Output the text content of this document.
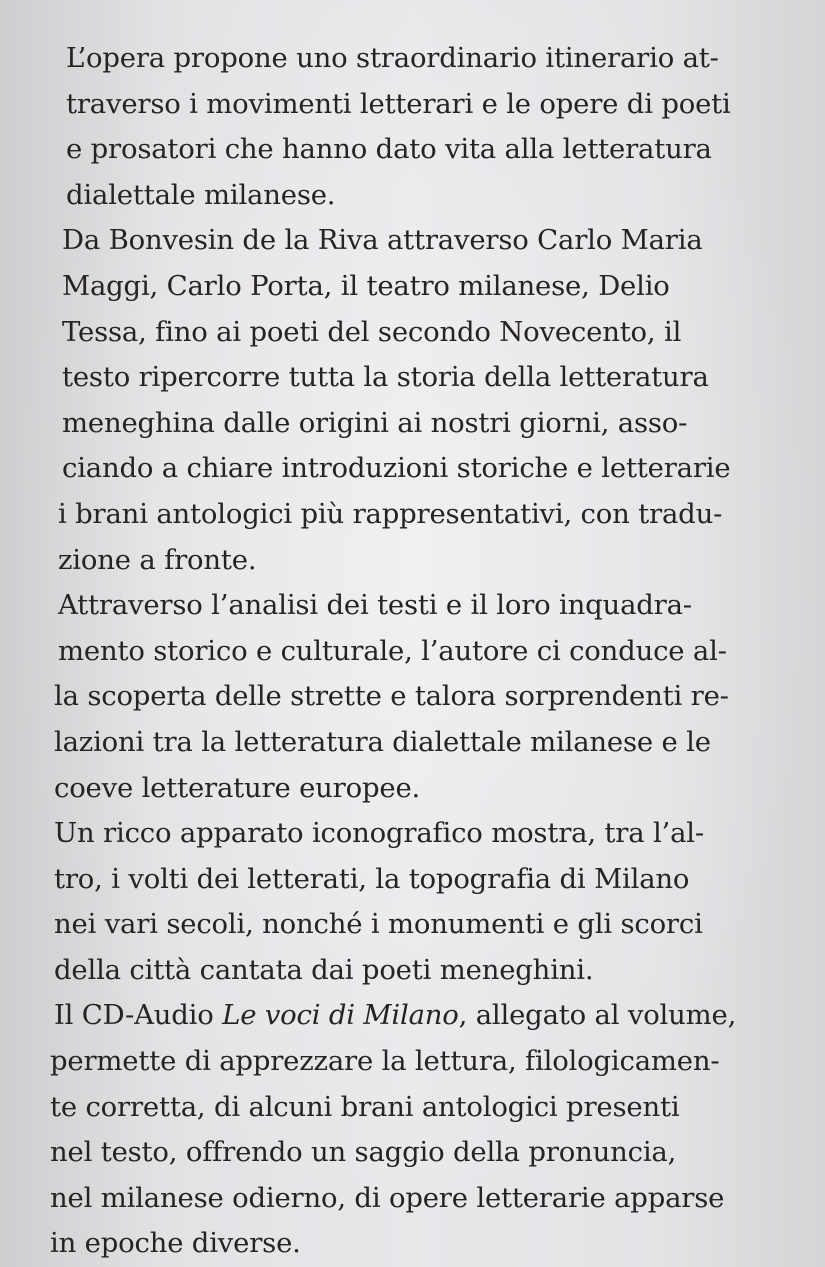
L’opera propone uno straordinario itinerario at-
traverso i movimenti letterari e le opere di poeti
e prosatori che hanno dato vita alla letteratura
dialettale milanese.
Da Bonvesin de la Riva attraverso Carlo Maria
Maggi, Carlo Porta, il teatro milanese, Delio
Tessa, fino ai poeti del secondo Novecento, il
testo ripercorre tutta la storia della letteratura
meneghina dalle origini ai nostri giorni, asso-
ciando a chiare introduzioni storiche e letterarie
i brani antologici più rappresentativi, con tradu-
zione a fronte.
Attraverso l’analisi dei testi e il loro inquadra-
mento storico e culturale, l’autore ci conduce al-
la scoperta delle strette e talora sorprendenti re-
lazioni tra la letteratura dialettale milanese e le
coeve letterature europee.
Un ricco apparato iconografico mostra, tra l’al-
tro, i volti dei letterati, la topografia di Milano
nei vari secoli, nonché i monumenti e gli scorci
della città cantata dai poeti meneghini.
Il CD-Audio Le voci di Milano, allegato al volume,
permette di apprezzare la lettura, filologicamen-
te corretta, di alcuni brani antologici presenti
nel testo, offrendo un saggio della pronuncia,
nel milanese odierno, di opere letterarie apparse
in epoche diverse.
